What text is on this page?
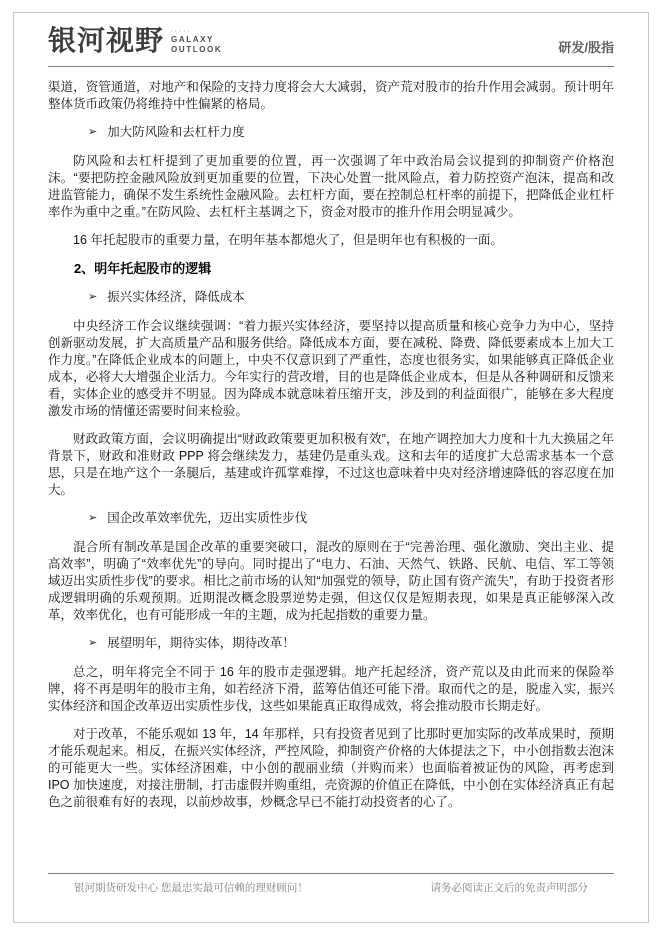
银河视野 ·····
GALAXY
OUTLOOK	研发/股指

渠道，资管通道，对地产和保险的支持力度将会大大减弱，资产荒对股市的抬升作用会减弱。预计明年整体货币政策仍将维持中性偏紧的格局。

➢ 加大防风险和去杠杆力度

防风险和去杠杆提到了更加重要的位置，再一次强调了年中政治局会议提到的抑制资产价格泡沫。“要把防控金融风险放到更加重要的位置，下决心处置一批风险点，着力防控资产泡沫，提高和改进监管能力，确保不发生系统性金融风险。去杠杆方面，要在控制总杠杆率的前提下，把降低企业杠杆率作为重中之重。”在防风险、去杠杆主基调之下，资金对股市的推升作用会明显减少。

16 年托起股市的重要力量，在明年基本都熄火了，但是明年也有积极的一面。

2、明年托起股市的逻辑
➢ 振兴实体经济，降低成本

中央经济工作会议继续强调：“着力振兴实体经济，要坚持以提高质量和核心竞争力为中心，坚持创新驱动发展，扩大高质量产品和服务供给。降低成本方面，要在减税、降费、降低要素成本上加大工作力度。”在降低企业成本的问题上，中央不仅意识到了严重性，态度也很务实，如果能够真正降低企业成本，必将大大增强企业活力。今年实行的营改增，目的也是降低企业成本，但是从各种调研和反馈来看，实体企业的感受并不明显。因为降成本就意味着压缩开支，涉及到的利益面很广，能够在多大程度激发市场的情懂还需要时间来检验。

财政政策方面，会议明确提出“财政政策要更加积极有效”，在地产调控加大力度和十九大换届之年背景下，财政和准财政 PPP 将会继续发力，基建仍是重头戏。这和去年的适度扩大总需求基本一个意思，只是在地产这个一条腿后，基建或许孤掌难撑，不过这也意味着中央对经济增速降低的容忍度在加大。

➢ 国企改革效率优先，迈出实质性步伐

混合所有制改革是国企改革的重要突破口，混改的原则在于“完善治理、强化激励、突出主业、提高效率”，明确了“效率优先”的导向。同时提出了“电力、石油、天然气、铁路、民航、电信、军工等领域迈出实质性步伐”的要求。相比之前市场的认知“加强党的领导，防止国有资产流失”，有助于投资者形成逻辑明确的乐观预期。近期混改概念股票逆势走强，但这仅仅是短期表现，如果是真正能够深入改革，效率优化，也有可能形成一年的主题，成为托起指数的重要力量。

➢ 展望明年，期待实体，期待改革！

总之，明年将完全不同于 16 年的股市走强逻辑。地产托起经济，资产荒以及由此而来的保险举牌，将不再是明年的股市主角，如若经济下滑，蓝筹估值还可能下滑。取而代之的是，脱虚入实，振兴实体经济和国企改革迈出实质性步伐，这些如果能真正取得成效，将会推动股市长期走好。

对于改革，不能乐观如 13 年，14 年那样，只有投资者见到了比那时更加实际的改革成果时，预期才能乐观起来。相反，在振兴实体经济，严控风险，抑制资产价格的大体提法之下，中小创指数去泡沫的可能更大一些。实体经济困难，中小创的靓丽业绩（并购而来）也面临着被证伪的风险，再考虑到 IPO 加快速度，对接注册制，打击虚假并购重组，壳资源的价值正在降低，中小创在实体经济真正有起色之前很难有好的表现，以前炒故事，炒概念早已不能打动投资者的心了。

银河期货研发中心 您最忠实最可信赖的理财顾问！	请务必阅读正文后的免责声明部分
